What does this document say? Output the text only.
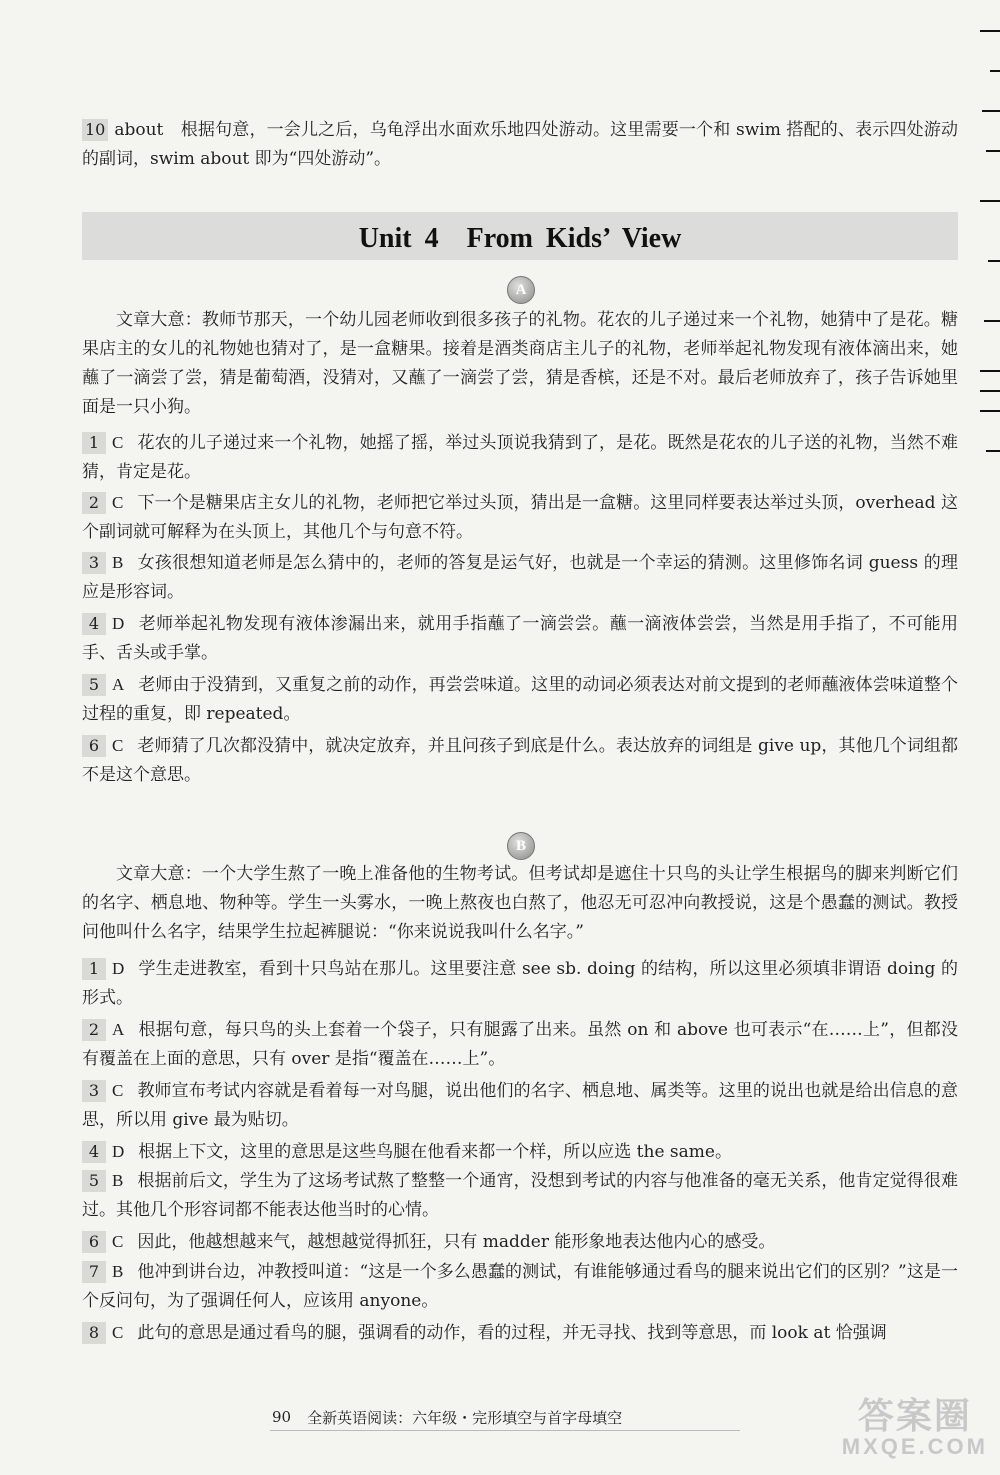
10 about　根据句意，一会儿之后，乌龟浮出水面欢乐地四处游动。这里需要一个和 swim 搭配的、表示四处游动的副词，swim about 即为“四处游动”。

Unit 4　From Kids’ View
A

文章大意：教师节那天，一个幼儿园老师收到很多孩子的礼物。花农的儿子递过来一个礼物，她猜中了是花。糖果店主的女儿的礼物她也猜对了，是一盒糖果。接着是酒类商店主儿子的礼物，老师举起礼物发现有液体滴出来，她蘸了一滴尝了尝，猜是葡萄酒，没猜对，又蘸了一滴尝了尝，猜是香槟，还是不对。最后老师放弃了，孩子告诉她里面是一只小狗。

1 C 花农的儿子递过来一个礼物，她摇了摇，举过头顶说我猜到了，是花。既然是花农的儿子送的礼物，当然不难猜，肯定是花。

2 C 下一个是糖果店主女儿的礼物，老师把它举过头顶，猜出是一盒糖。这里同样要表达举过头顶，overhead 这个副词就可解释为在头顶上，其他几个与句意不符。

3 B 女孩很想知道老师是怎么猜中的，老师的答复是运气好，也就是一个幸运的猜测。这里修饰名词 guess 的理应是形容词。

4 D 老师举起礼物发现有液体渗漏出来，就用手指蘸了一滴尝尝。蘸一滴液体尝尝，当然是用手指了，不可能用手、舌头或手掌。

5 A 老师由于没猜到，又重复之前的动作，再尝尝味道。这里的动词必须表达对前文提到的老师蘸液体尝味道整个过程的重复，即 repeated。

6 C 老师猜了几次都没猜中，就决定放弃，并且问孩子到底是什么。表达放弃的词组是 give up，其他几个词组都不是这个意思。

B

文章大意：一个大学生熬了一晚上准备他的生物考试。但考试却是遮住十只鸟的头让学生根据鸟的脚来判断它们的名字、栖息地、物种等。学生一头雾水，一晚上熬夜也白熬了，他忍无可忍冲向教授说，这是个愚蠢的测试。教授问他叫什么名字，结果学生拉起裤腿说：“你来说说我叫什么名字。”

1 D 学生走进教室，看到十只鸟站在那儿。这里要注意 see sb. doing 的结构，所以这里必须填非谓语 doing 的形式。

2 A 根据句意，每只鸟的头上套着一个袋子，只有腿露了出来。虽然 on 和 above 也可表示“在……上”，但都没有覆盖在上面的意思，只有 over 是指“覆盖在……上”。

3 C 教师宣布考试内容就是看着每一对鸟腿，说出他们的名字、栖息地、属类等。这里的说出也就是给出信息的意思，所以用 give 最为贴切。

4 D 根据上下文，这里的意思是这些鸟腿在他看来都一个样，所以应选 the same。

5 B 根据前后文，学生为了这场考试熬了整整一个通宵，没想到考试的内容与他准备的毫无关系，他肯定觉得很难过。其他几个形容词都不能表达他当时的心情。

6 C 因此，他越想越来气，越想越觉得抓狂，只有 madder 能形象地表达他内心的感受。

7 B 他冲到讲台边，冲教授叫道：“这是一个多么愚蠢的测试，有谁能够通过看鸟的腿来说出它们的区别？”这是一个反问句，为了强调任何人，应该用 anyone。

8 C 此句的意思是通过看鸟的腿，强调看的动作，看的过程，并无寻找、找到等意思，而 look at 恰强调

90 全新英语阅读：六年级・完形填空与首字母填空	答案圈
MXQE.COM
